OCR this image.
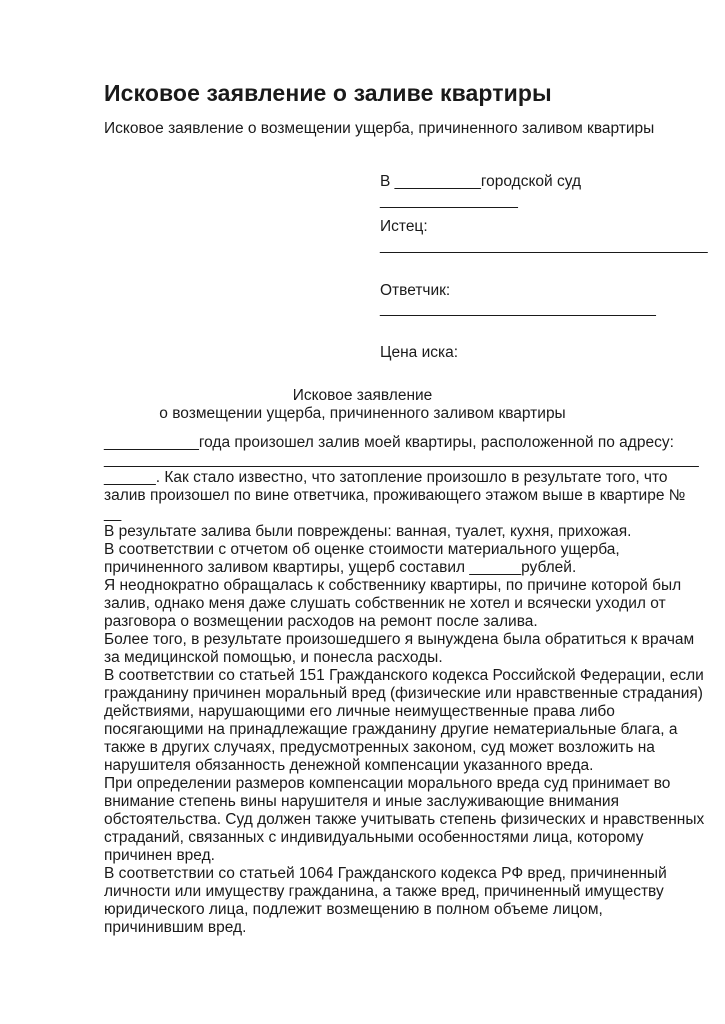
Исковое заявление о заливе квартиры
Исковое заявление о возмещении ущерба, причиненного заливом квартиры
В __________городской суд
________________
Истец:
______________________________________
Ответчик:
________________________________
Цена иска:
Исковое заявление
о возмещении ущерба, причиненного заливом квартиры
___________года произошел залив моей квартиры, расположенной по адресу:
_____________________________________________________________________
______. Как стало известно, что затопление произошло в результате того, что
залив произошел по вине ответчика, проживающего этажом выше в квартире №
__
В результате залива были повреждены: ванная, туалет, кухня, прихожая.
В соответствии с отчетом об оценке стоимости материального ущерба,
причиненного заливом квартиры, ущерб составил ______рублей.
Я неоднократно обращалась к собственнику квартиры, по причине которой был
залив, однако меня даже слушать собственник не хотел и всячески уходил от
разговора о возмещении расходов на ремонт после залива.
Более того, в результате произошедшего я вынуждена была обратиться к врачам
за медицинской помощью, и понесла расходы.
В соответствии со статьей 151 Гражданского кодекса Российской Федерации, если
гражданину причинен моральный вред (физические или нравственные страдания)
действиями, нарушающими его личные неимущественные права либо
посягающими на принадлежащие гражданину другие нематериальные блага, а
также в других случаях, предусмотренных законом, суд может возложить на
нарушителя обязанность денежной компенсации указанного вреда.
При определении размеров компенсации морального вреда суд принимает во
внимание степень вины нарушителя и иные заслуживающие внимания
обстоятельства. Суд должен также учитывать степень физических и нравственных
страданий, связанных с индивидуальными особенностями лица, которому
причинен вред.
В соответствии со статьей 1064 Гражданского кодекса РФ вред, причиненный
личности или имуществу гражданина, а также вред, причиненный имуществу
юридического лица, подлежит возмещению в полном объеме лицом,
причинившим вред.
